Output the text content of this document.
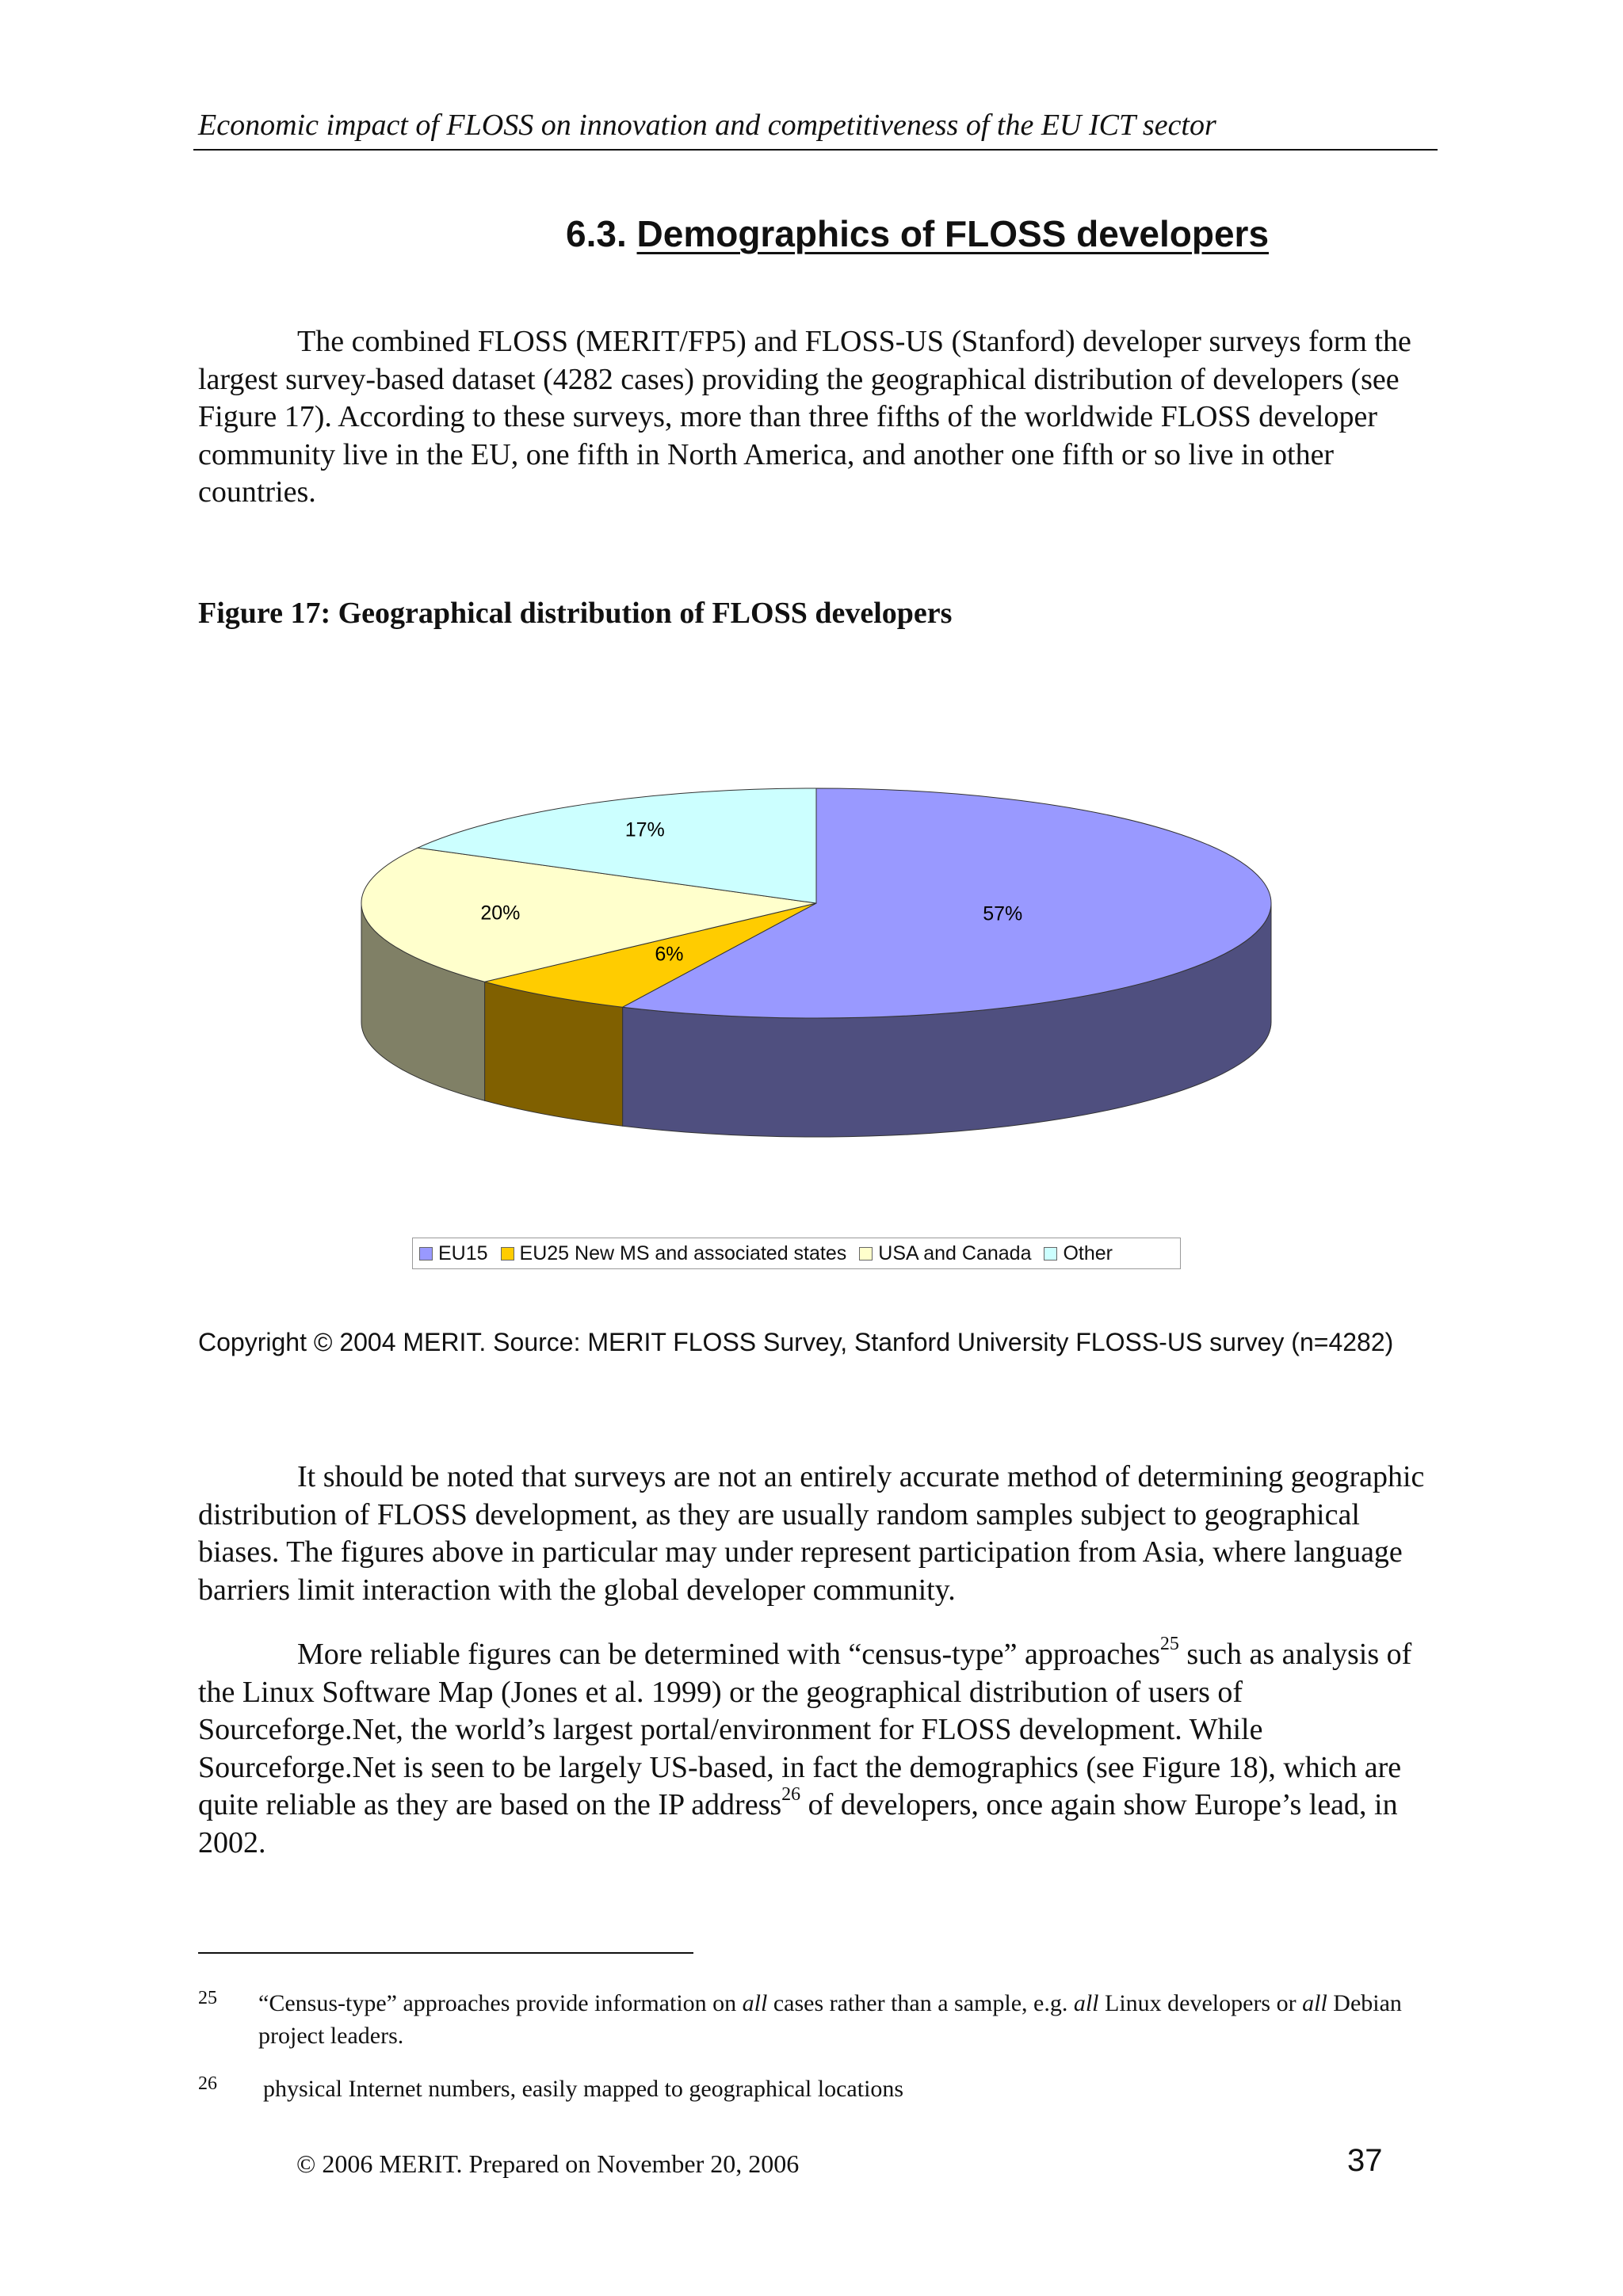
Economic impact of FLOSS on innovation and competitiveness of the EU ICT sector
6.3. Demographics of FLOSS developers

The combined FLOSS (MERIT/FP5) and FLOSS-US (Stanford) developer surveys form the largest survey-based dataset (4282 cases) providing the geographical distribution of developers (see Figure 17). According to these surveys, more than three fifths of the worldwide FLOSS developer community live in the EU, one fifth in North America, and another one fifth or so live in other countries.

Figure 17: Geographical distribution of FLOSS developers
57%
6%
20%
17%
EU15 EU25 New MS and associated states USA and Canada Other

Copyright © 2004 MERIT. Source: MERIT FLOSS Survey, Stanford University FLOSS-US survey (n=4282)

It should be noted that surveys are not an entirely accurate method of determining geographic distribution of FLOSS development, as they are usually random samples subject to geographical biases. The figures above in particular may under represent participation from Asia, where language barriers limit interaction with the global developer community.

More reliable figures can be determined with “census-type” approaches$^{25}$ such as analysis of the Linux Software Map (Jones et al. 1999) or the geographical distribution of users of Sourceforge.Net, the world’s largest portal/environment for FLOSS development. While Sourceforge.Net is seen to be largely US-based, in fact the demographics (see Figure 18), which are quite reliable as they are based on the IP address$^{26}$ of developers, once again show Europe’s lead, in 2002.

25 “Census-type” approaches provide information on all cases rather than a sample, e.g. all Linux developers or all Debian project leaders.
26 physical Internet numbers, easily mapped to geographical locations
© 2006 MERIT. Prepared on November 20, 2006	37
